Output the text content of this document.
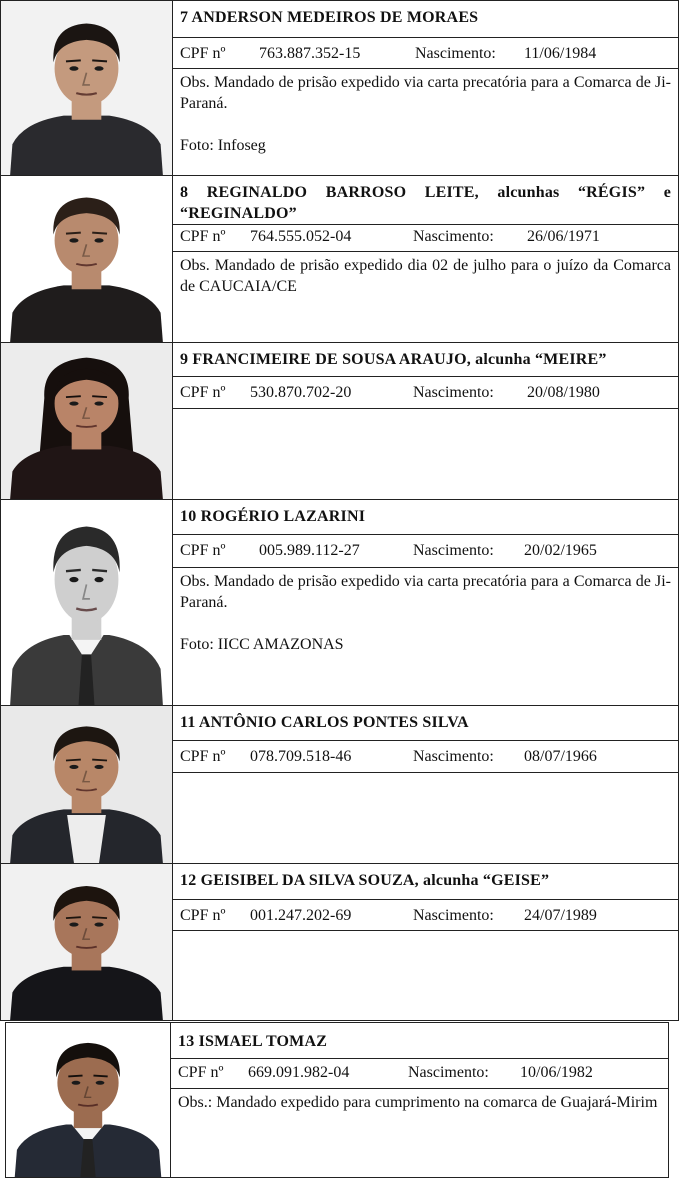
7 ANDERSON MEDEIROS DE MORAES
CPF nº 763.887.352-15	Nascimento: 11/06/1984

Obs. Mandado de prisão expedido via carta precatória para a Comarca de Ji-Paraná.

Foto: Infoseg

8 REGINALDO BARROSO LEITE, alcunhas “RÉGIS” e “REGINALDO”
CPF nº 764.555.052-04	Nascimento: 26/06/1971

Obs. Mandado de prisão expedido dia 02 de julho para o juízo da Comarca de CAUCAIA/CE

9 FRANCIMEIRE DE SOUSA ARAUJO, alcunha “MEIRE”
CPF nº 530.870.702-20	Nascimento: 20/08/1980
10 ROGÉRIO LAZARINI
CPF nº 005.989.112-27	Nascimento: 20/02/1965

Obs. Mandado de prisão expedido via carta precatória para a Comarca de Ji-Paraná.

Foto: IICC AMAZONAS

11 ANTÔNIO CARLOS PONTES SILVA
CPF nº 078.709.518-46	Nascimento: 08/07/1966
12 GEISIBEL DA SILVA SOUZA, alcunha “GEISE”
CPF nº 001.247.202-69	Nascimento: 24/07/1989
13 ISMAEL TOMAZ
CPF nº 669.091.982-04	Nascimento: 10/06/1982

Obs.: Mandado expedido para cumprimento na comarca de Guajará-Mirim
